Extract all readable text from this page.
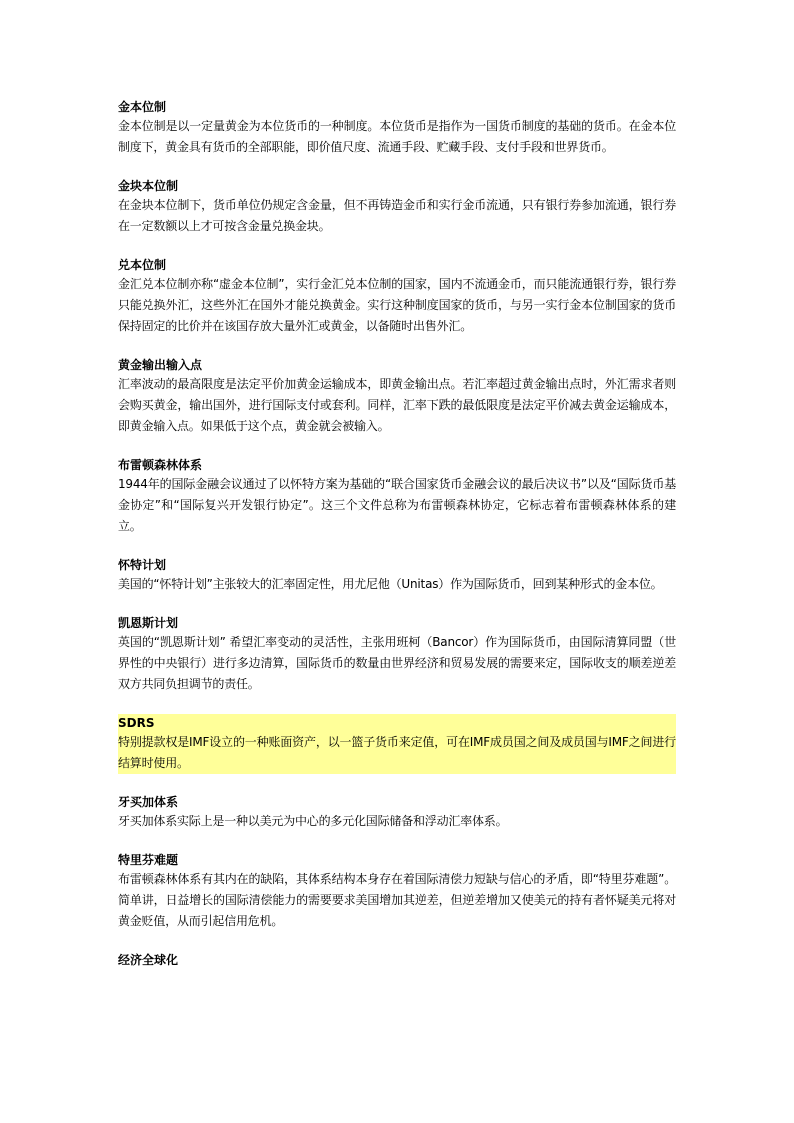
金本位制
金本位制是以一定量黄金为本位货币的一种制度。本位货币是指作为一国货币制度的基础的货币。在金本位制度下，黄金具有货币的全部职能，即价值尺度、流通手段、贮藏手段、支付手段和世界货币。
金块本位制
在金块本位制下，货币单位仍规定含金量，但不再铸造金币和实行金币流通，只有银行券参加流通，银行券在一定数额以上才可按含金量兑换金块。
兑本位制
金汇兑本位制亦称“虚金本位制”，实行金汇兑本位制的国家，国内不流通金币，而只能流通银行券，银行券只能兑换外汇，这些外汇在国外才能兑换黄金。实行这种制度国家的货币，与另一实行金本位制国家的货币保持固定的比价并在该国存放大量外汇或黄金，以备随时出售外汇。
黄金输出输入点
汇率波动的最高限度是法定平价加黄金运输成本，即黄金输出点。若汇率超过黄金输出点时，外汇需求者则会购买黄金，输出国外，进行国际支付或套利。同样，汇率下跌的最低限度是法定平价减去黄金运输成本，即黄金输入点。如果低于这个点，黄金就会被输入。
布雷顿森林体系
1944年的国际金融会议通过了以怀特方案为基础的“联合国家货币金融会议的最后决议书”以及“国际货币基金协定”和“国际复兴开发银行协定”。这三个文件总称为布雷顿森林协定，它标志着布雷顿森林体系的建立。
怀特计划
美国的“怀特计划”主张较大的汇率固定性，用尤尼他（Unitas）作为国际货币，回到某种形式的金本位。
凯恩斯计划
英国的“凯恩斯计划” 希望汇率变动的灵活性，主张用班柯（Bancor）作为国际货币，由国际清算同盟（世界性的中央银行）进行多边清算，国际货币的数量由世界经济和贸易发展的需要来定，国际收支的顺差逆差双方共同负担调节的责任。
SDRS
特别提款权是IMF设立的一种账面资产，以一篮子货币来定值，可在IMF成员国之间及成员国与IMF之间进行结算时使用。
牙买加体系
牙买加体系实际上是一种以美元为中心的多元化国际储备和浮动汇率体系。
特里芬难题
布雷顿森林体系有其内在的缺陷，其体系结构本身存在着国际清偿力短缺与信心的矛盾，即“特里芬难题”。简单讲，日益增长的国际清偿能力的需要要求美国增加其逆差，但逆差增加又使美元的持有者怀疑美元将对黄金贬值，从而引起信用危机。
经济全球化
